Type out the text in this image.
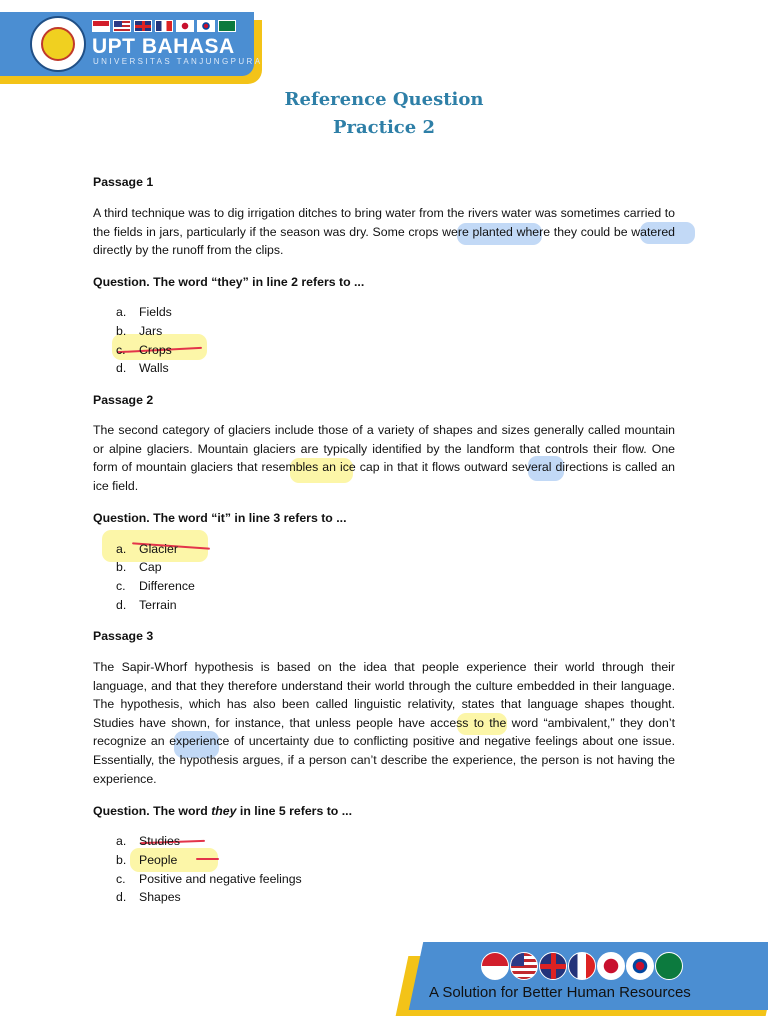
UPT BAHASA
UNIVERSITAS TANJUNGPURA
Reference Question
Practice 2
Passage 1
A third technique was to dig irrigation ditches to bring water from the rivers water was sometimes carried to the fields in jars, particularly if the season was dry. Some crops were planted where they could be watered directly by the runoff from the clips.
Question. The word “they” in line 2 refers to ...
a. Fields
b. Jars
c. Crops
d. Walls
Passage 2
The second category of glaciers include those of a variety of shapes and sizes generally called mountain or alpine glaciers. Mountain glaciers are typically identified by the landform that controls their flow. One form of mountain glaciers that resembles an ice cap in that it flows outward several directions is called an ice field.
Question. The word “it” in line 3 refers to ...
a. Glacier
b. Cap
c. Difference
d. Terrain
Passage 3
The Sapir-Whorf hypothesis is based on the idea that people experience their world through their language, and that they therefore understand their world through the culture embedded in their language. The hypothesis, which has also been called linguistic relativity, states that language shapes thought. Studies have shown, for instance, that unless people have access to the word “ambivalent,” they don’t recognize an experience of uncertainty due to conflicting positive and negative feelings about one issue. Essentially, the hypothesis argues, if a person can’t describe the experience, the person is not having the experience.
Question. The word they in line 5 refers to ...
a. Studies
b. People
c. Positive and negative feelings
d. Shapes
A Solution for Better Human Resources
